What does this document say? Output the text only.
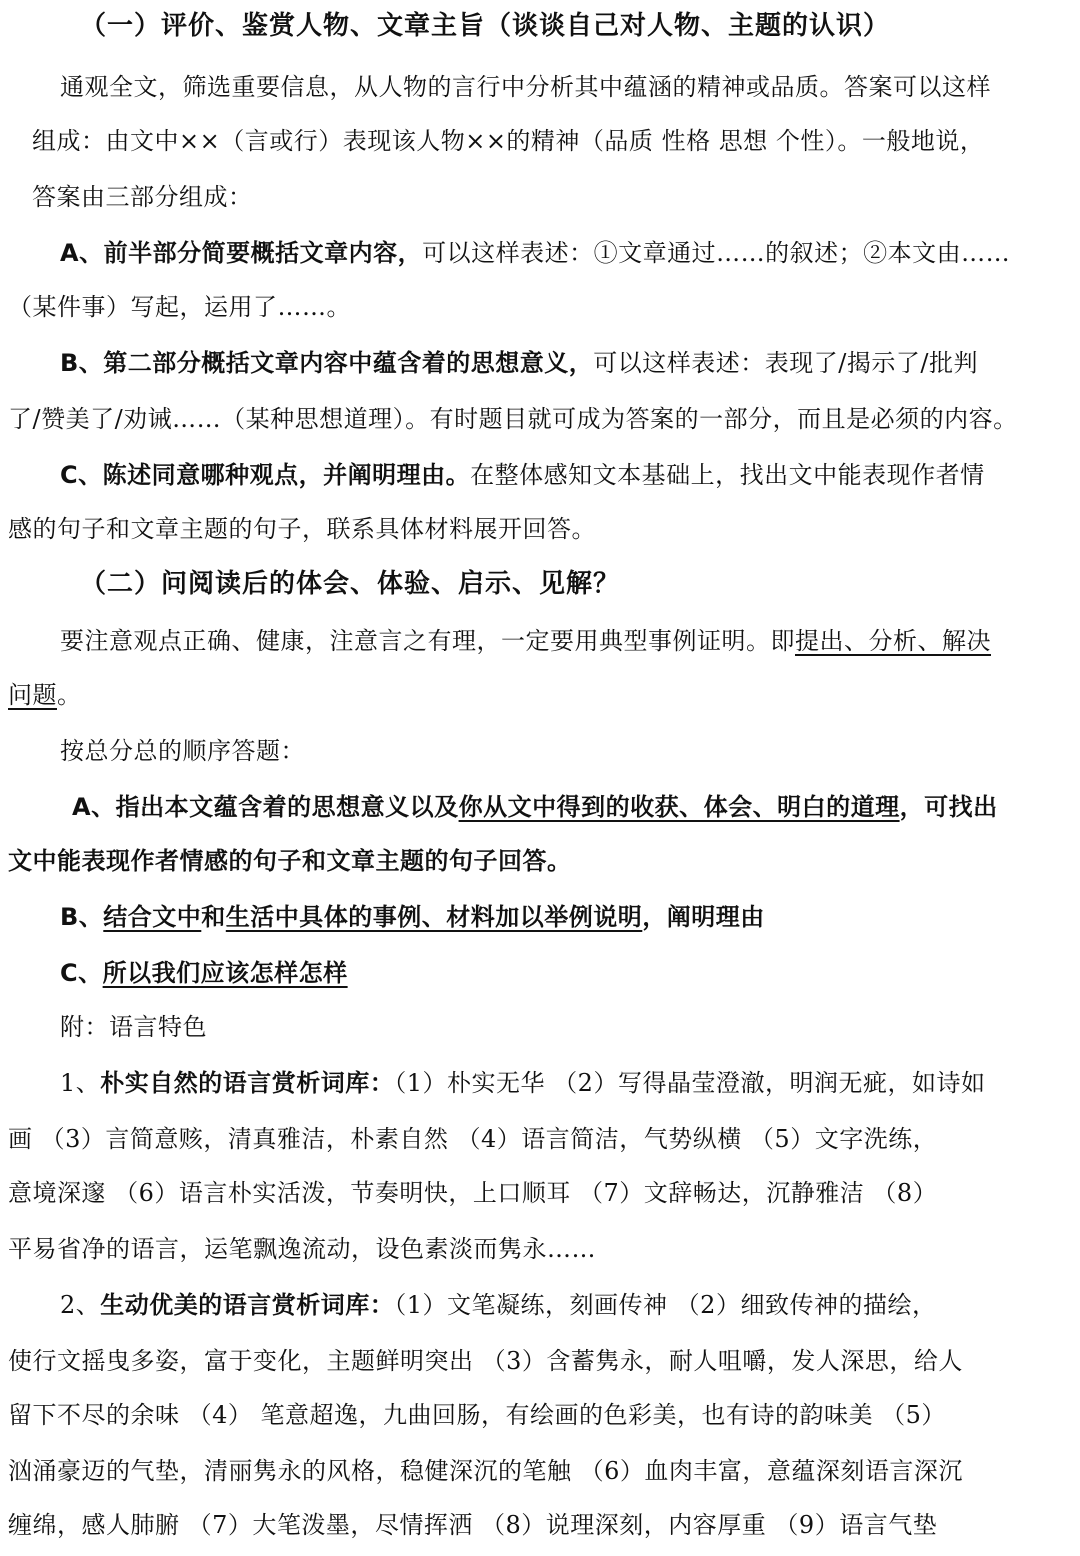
（一）评价、鉴赏人物、文章主旨（谈谈自己对人物、主题的认识）
通观全文，筛选重要信息，从人物的言行中分析其中蕴涵的精神或品质。答案可以这样
组成：由文中××（言或行）表现该人物××的精神（品质 性格 思想 个性）。一般地说，
答案由三部分组成：
A、前半部分简要概括文章内容，可以这样表述：①文章通过……的叙述；②本文由……
（某件事）写起，运用了……。
B、第二部分概括文章内容中蕴含着的思想意义，可以这样表述：表现了/揭示了/批判
了/赞美了/劝诫……（某种思想道理）。有时题目就可成为答案的一部分，而且是必须的内容。
C、陈述同意哪种观点，并阐明理由。在整体感知文本基础上，找出文中能表现作者情
感的句子和文章主题的句子，联系具体材料展开回答。
（二）问阅读后的体会、体验、启示、见解？
要注意观点正确、健康，注意言之有理，一定要用典型事例证明。即提出、分析、解决
问题。
按总分总的顺序答题：
A、指出本文蕴含着的思想意义以及你从文中得到的收获、体会、明白的道理，可找出
文中能表现作者情感的句子和文章主题的句子回答。
B、结合文中和生活中具体的事例、材料加以举例说明，阐明理由
C、所以我们应该怎样怎样
附：语言特色
1、朴实自然的语言赏析词库：（1）朴实无华 （2）写得晶莹澄澈，明润无疵，如诗如
画 （3）言简意赅，清真雅洁，朴素自然 （4）语言简洁，气势纵横 （5）文字洗练，
意境深邃 （6）语言朴实活泼，节奏明快，上口顺耳 （7）文辞畅达，沉静雅洁 （8）
平易省净的语言，运笔飘逸流动，设色素淡而隽永……
2、生动优美的语言赏析词库：（1）文笔凝练，刻画传神 （2）细致传神的描绘，
使行文摇曳多姿，富于变化，主题鲜明突出 （3）含蓄隽永，耐人咀嚼，发人深思，给人
留下不尽的余味 （4） 笔意超逸，九曲回肠，有绘画的色彩美，也有诗的韵味美 （5）
汹涌豪迈的气垫，清丽隽永的风格，稳健深沉的笔触 （6）血肉丰富，意蕴深刻语言深沉
缠绵，感人肺腑 （7）大笔泼墨，尽情挥洒 （8）说理深刻，内容厚重 （9）语言气垫
